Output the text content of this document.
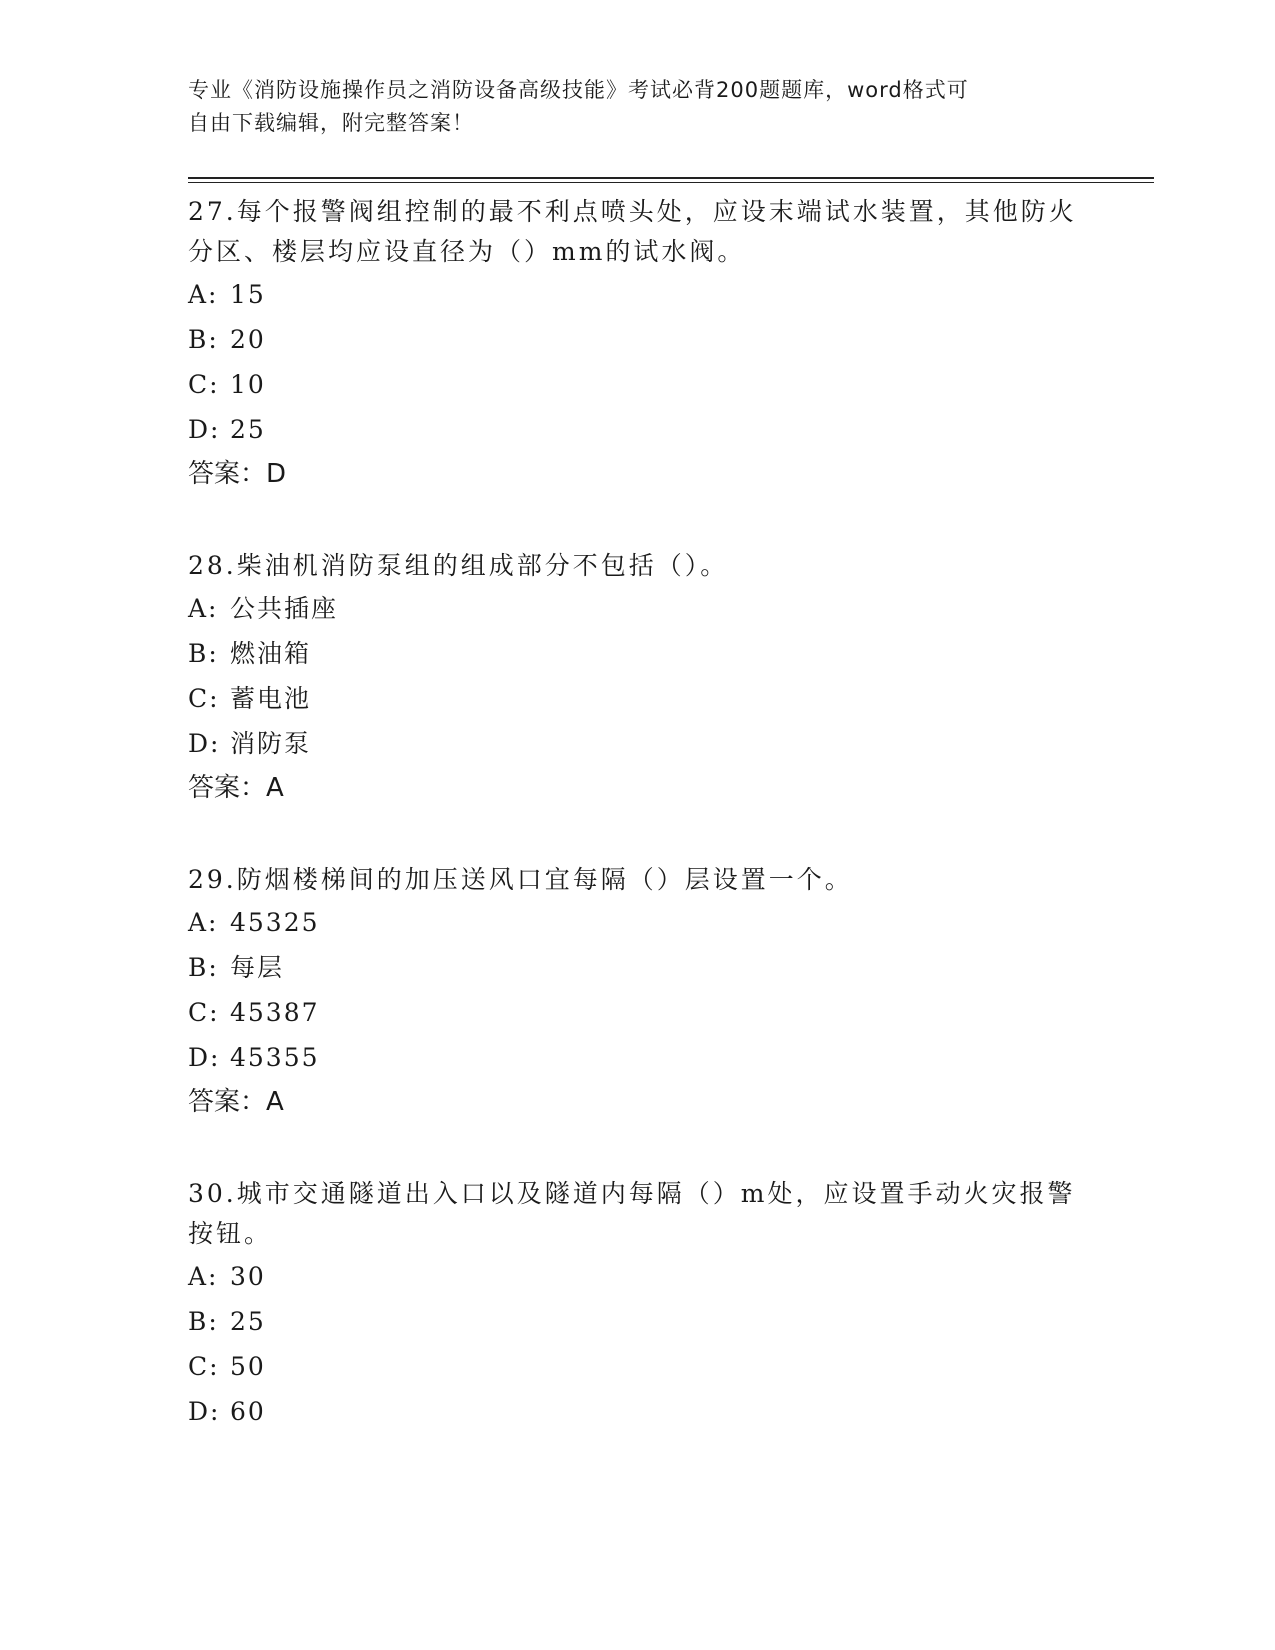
专业《消防设施操作员之消防设备高级技能》考试必背200题题库，word格式可
自由下载编辑，附完整答案！

27.每个报警阀组控制的最不利点喷头处，应设末端试水装置，其他防火分区、楼层均应设直径为（）mm的试水阀。

A: 15
B: 20
C: 10
D: 25
答案：D

28.柴油机消防泵组的组成部分不包括（）。

A: 公共插座
B: 燃油箱
C: 蓄电池
D: 消防泵
答案：A

29.防烟楼梯间的加压送风口宜每隔（）层设置一个。

A: 45325
B: 每层
C: 45387
D: 45355
答案：A

30.城市交通隧道出入口以及隧道内每隔（）m处，应设置手动火灾报警按钮。

A: 30
B: 25
C: 50
D: 60
